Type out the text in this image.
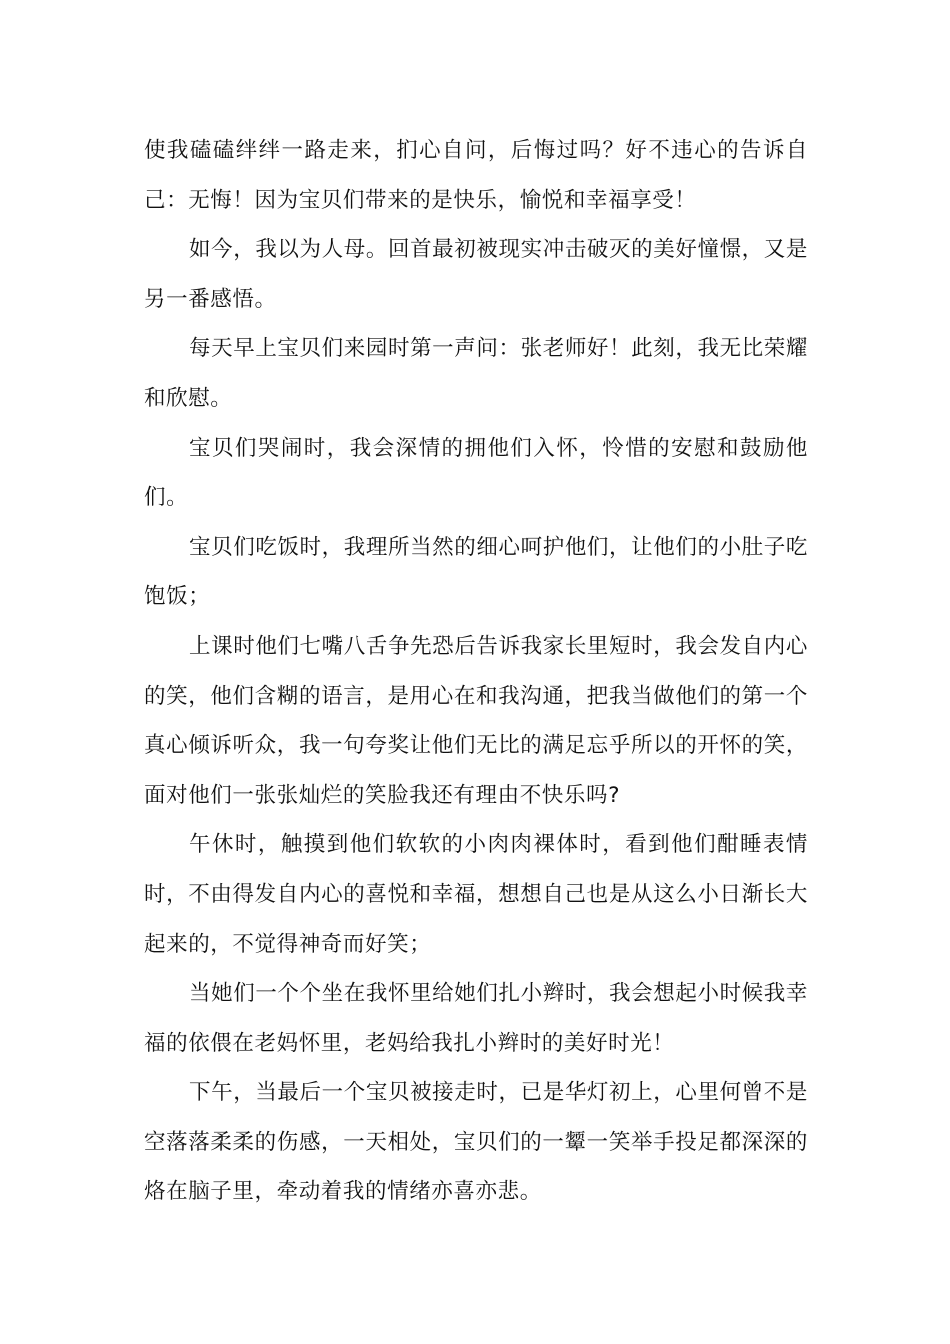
使我磕磕绊绊一路走来，扪心自问，后悔过吗？好不违心的告诉自己：无悔！因为宝贝们带来的是快乐，愉悦和幸福享受！

如今，我以为人母。回首最初被现实冲击破灭的美好憧憬，又是另一番感悟。

每天早上宝贝们来园时第一声问：张老师好！此刻，我无比荣耀和欣慰。

宝贝们哭闹时，我会深情的拥他们入怀，怜惜的安慰和鼓励他们。

宝贝们吃饭时，我理所当然的细心呵护他们，让他们的小肚子吃饱饭；

上课时他们七嘴八舌争先恐后告诉我家长里短时，我会发自内心的笑，他们含糊的语言，是用心在和我沟通，把我当做他们的第一个真心倾诉听众，我一句夸奖让他们无比的满足忘乎所以的开怀的笑，面对他们一张张灿烂的笑脸我还有理由不快乐吗?

午休时，触摸到他们软软的小肉肉裸体时，看到他们酣睡表情时，不由得发自内心的喜悦和幸福，想想自己也是从这么小日渐长大起来的，不觉得神奇而好笑；

当她们一个个坐在我怀里给她们扎小辫时，我会想起小时候我幸福的依偎在老妈怀里，老妈给我扎小辫时的美好时光！

下午，当最后一个宝贝被接走时，已是华灯初上，心里何曾不是空落落柔柔的伤感，一天相处，宝贝们的一颦一笑举手投足都深深的烙在脑子里，牵动着我的情绪亦喜亦悲。
